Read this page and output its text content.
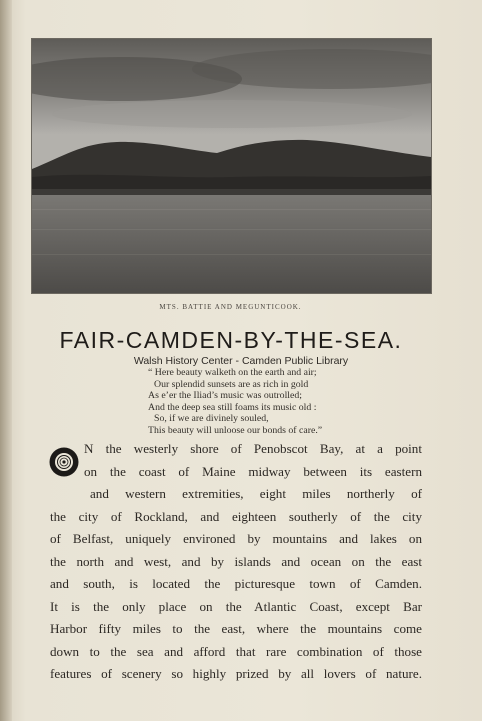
MTS. BATTIE AND MEGUNTICOOK.
FAIR-CAMDEN-BY-THE-SEA.
Walsh History Center - Camden Public Library
“ Here beauty walketh on the earth and air;
Our splendid sunsets are as rich in gold
As e’er the Iliad’s music was outrolled;
And the deep sea still foams its music old :
So, if we are divinely souled,
This beauty will unloose our bonds of care.”
N the westerly shore of Penobscot Bay, at a point
on the coast of Maine midway between its eastern
and western extremities, eight miles northerly of
the city of Rockland, and eighteen southerly of the city
of Belfast, uniquely environed by mountains and lakes on
the north and west, and by islands and ocean on the east
and south, is located the picturesque town of Camden.
It is the only place on the Atlantic Coast, except Bar
Harbor fifty miles to the east, where the mountains come
down to the sea and afford that rare combination of those
features of scenery so highly prized by all lovers of nature.
